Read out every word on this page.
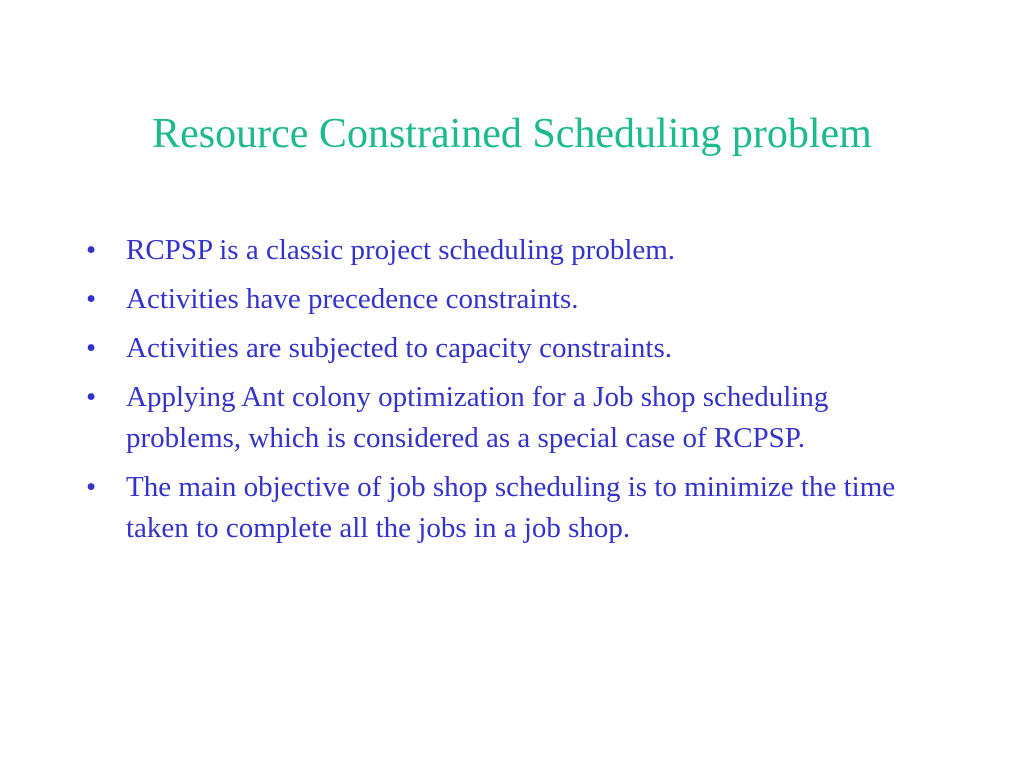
Resource Constrained Scheduling problem
•	RCPSP is a classic project scheduling problem.
•	Activities have precedence constraints.
•	Activities are subjected to capacity constraints.
•	Applying Ant colony optimization for a Job shop scheduling problems, which is considered as a special case of RCPSP.
•	The main objective of job shop scheduling is to minimize the time taken to complete all the jobs in a job shop.
